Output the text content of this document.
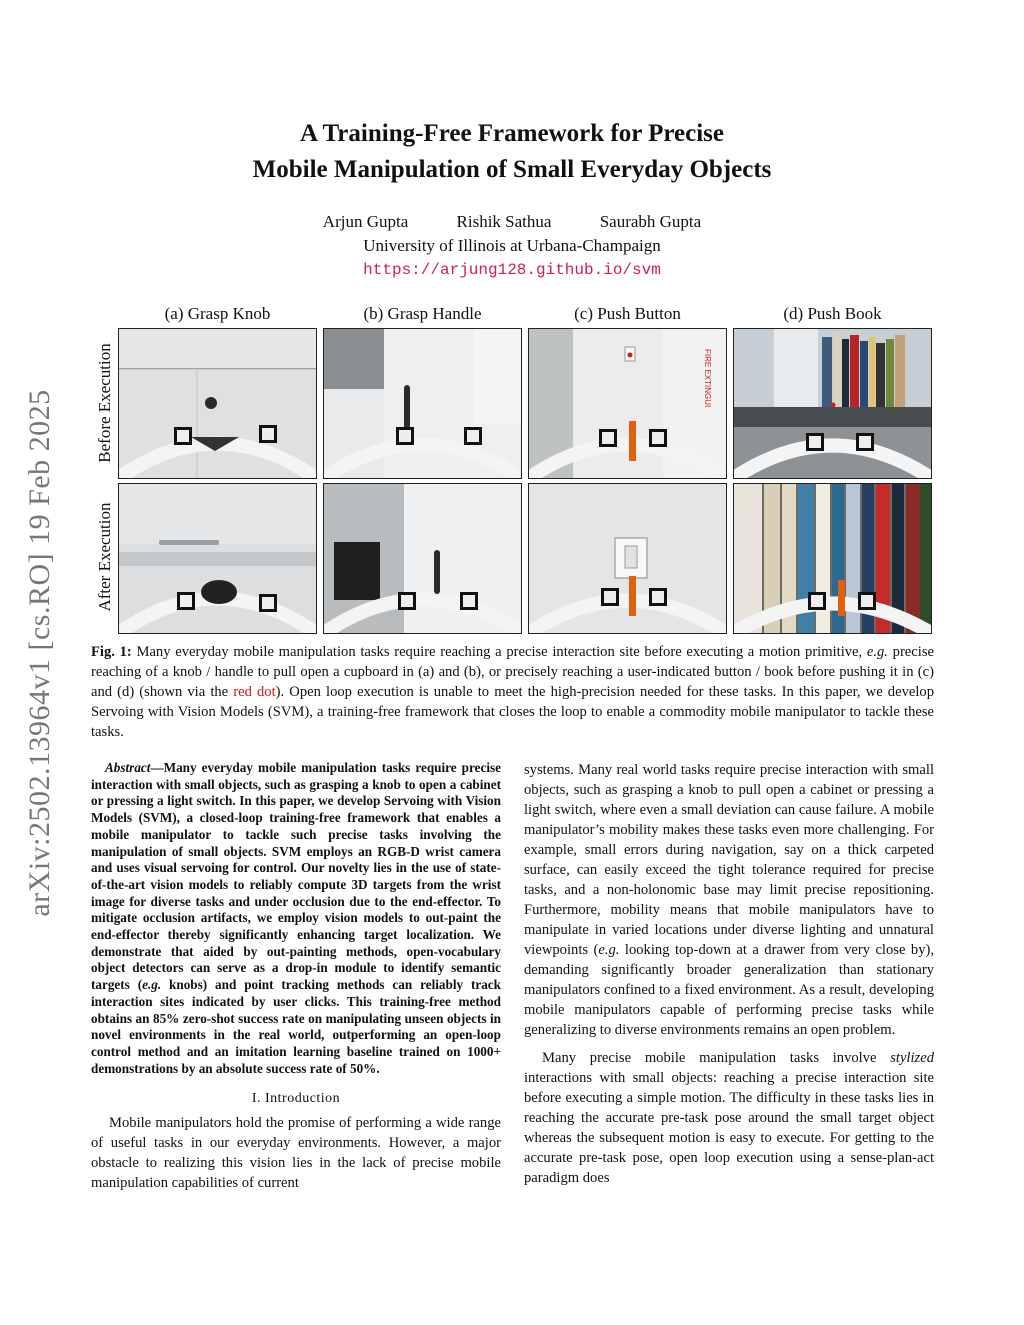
arXiv:2502.13964v1 [cs.RO] 19 Feb 2025
A Training-Free Framework for Precise
Mobile Manipulation of Small Everyday Objects
Arjun Gupta	Rishik Sathua	Saurabh Gupta
University of Illinois at Urbana-Champaign
https://arjung128.github.io/svm
(a) Grasp Knob	(b) Grasp Handle	(c) Push Button	(d) Push Book
Before Execution
After Execution
FIRE EXTINGUI
Fig. 1: Many everyday mobile manipulation tasks require reaching a precise interaction site before executing a motion primitive, e.g. precise reaching of a knob / handle to pull open a cupboard in (a) and (b), or precisely reaching a user-indicated button / book before pushing it in (c) and (d) (shown via the red dot). Open loop execution is unable to meet the high-precision needed for these tasks. In this paper, we develop Servoing with Vision Models (SVM), a training-free framework that closes the loop to enable a commodity mobile manipulator to tackle these tasks.

Abstract—Many everyday mobile manipulation tasks require precise interaction with small objects, such as grasping a knob to open a cabinet or pressing a light switch. In this paper, we develop Servoing with Vision Models (SVM), a closed-loop training-free framework that enables a mobile manipulator to tackle such precise tasks involving the manipulation of small objects. SVM employs an RGB-D wrist camera and uses visual servoing for control. Our novelty lies in the use of state-of-the-art vision models to reliably compute 3D targets from the wrist image for diverse tasks and under occlusion due to the end-effector. To mitigate occlusion artifacts, we employ vision models to out-paint the end-effector thereby significantly enhancing target localization. We demonstrate that aided by out-painting methods, open-vocabulary object detectors can serve as a drop-in module to identify semantic targets (e.g. knobs) and point tracking methods can reliably track interaction sites indicated by user clicks. This training-free method obtains an 85% zero-shot success rate on manipulating unseen objects in novel environments in the real world, outperforming an open-loop control method and an imitation learning baseline trained on 1000+ demonstrations by an absolute success rate of 50%.

I. Introduction

Mobile manipulators hold the promise of performing a wide range of useful tasks in our everyday environments. However, a major obstacle to realizing this vision lies in the lack of precise mobile manipulation capabilities of current

systems. Many real world tasks require precise interaction with small objects, such as grasping a knob to pull open a cabinet or pressing a light switch, where even a small deviation can cause failure. A mobile manipulator’s mobility makes these tasks even more challenging. For example, small errors during navigation, say on a thick carpeted surface, can easily exceed the tight tolerance required for precise tasks, and a non-holonomic base may limit precise repositioning. Furthermore, mobility means that mobile manipulators have to manipulate in varied locations under diverse lighting and unnatural viewpoints (e.g. looking top-down at a drawer from very close by), demanding significantly broader generalization than stationary manipulators confined to a fixed environment. As a result, developing mobile manipulators capable of performing precise tasks while generalizing to diverse environments remains an open problem.

Many precise mobile manipulation tasks involve stylized interactions with small objects: reaching a precise interaction site before executing a simple motion. The difficulty in these tasks lies in reaching the accurate pre-task pose around the small target object whereas the subsequent motion is easy to execute. For getting to the accurate pre-task pose, open loop execution using a sense-plan-act paradigm does
